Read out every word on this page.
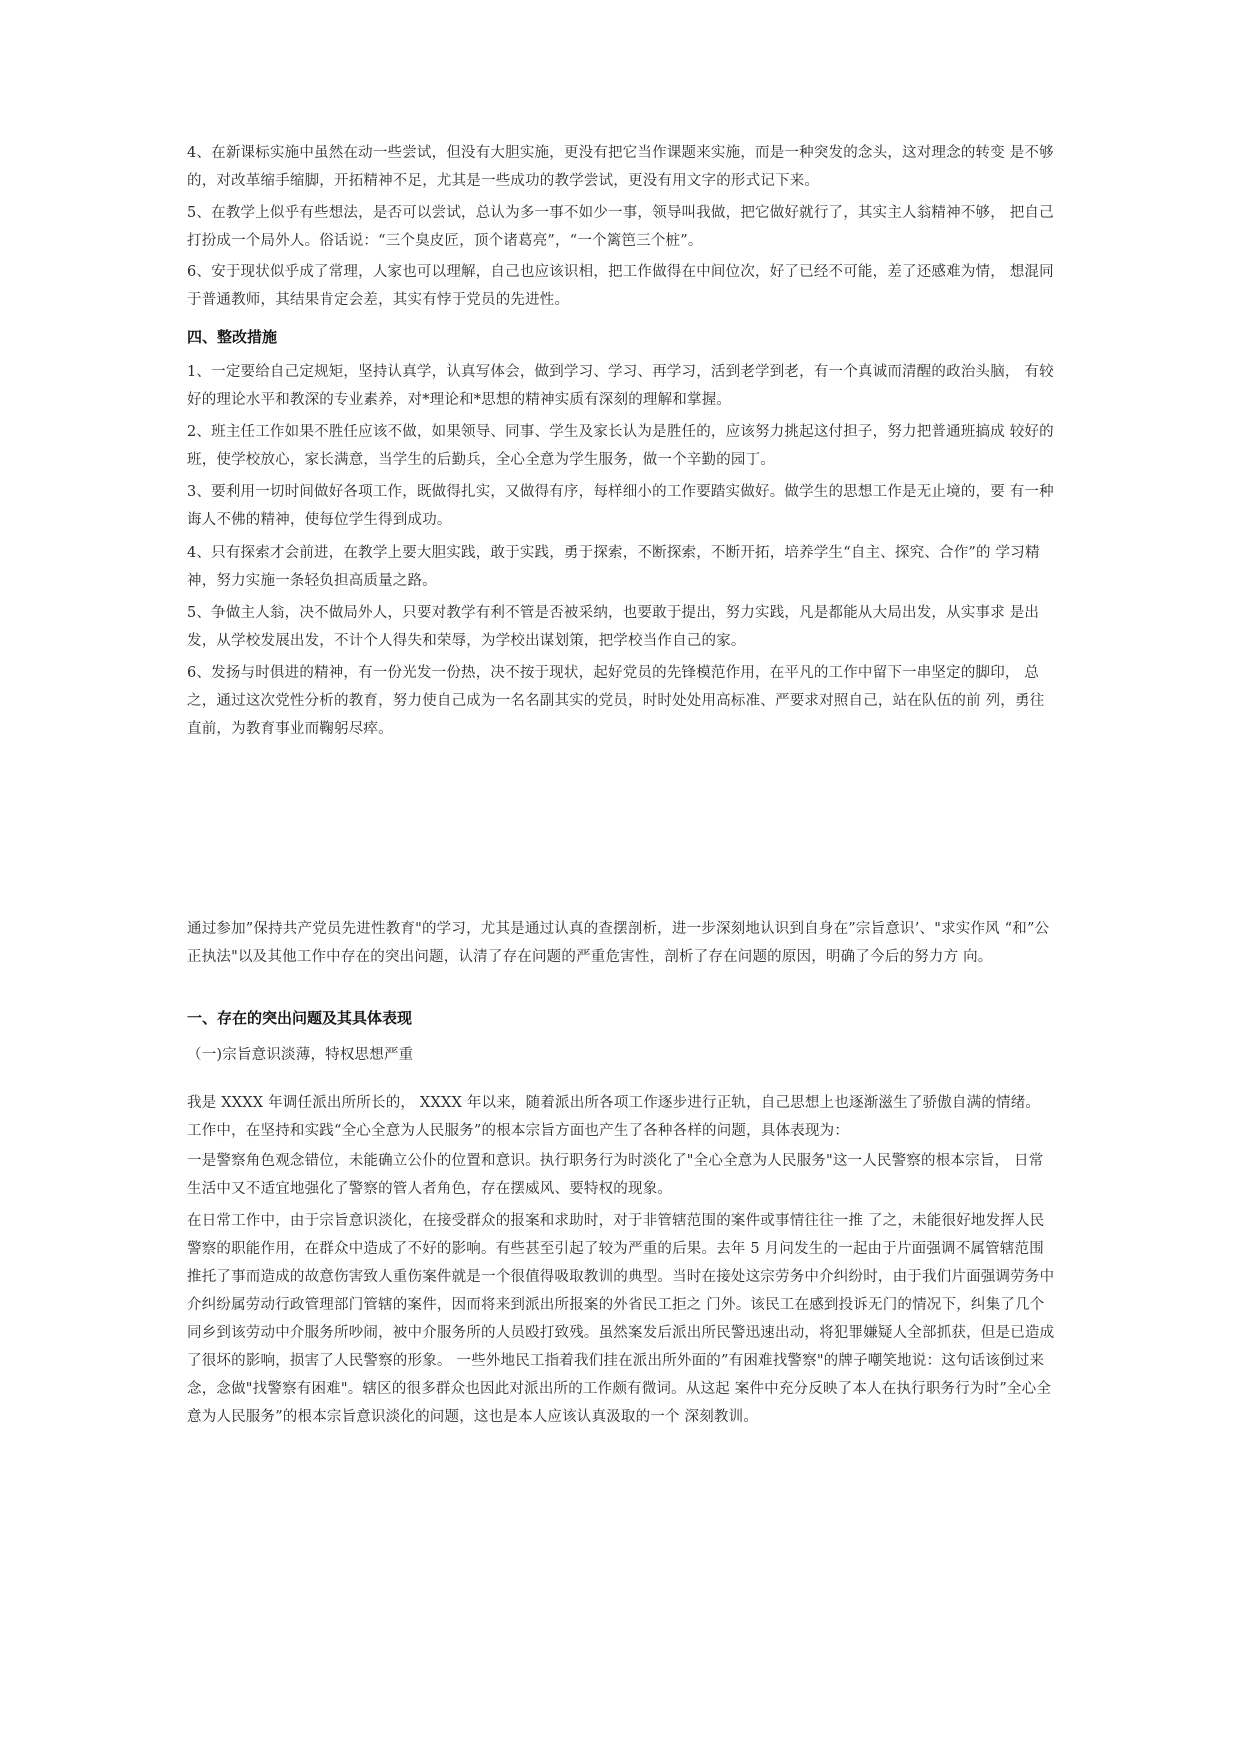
4、在新课标实施中虽然在动一些尝试，但没有大胆实施，更没有把它当作课题来实施，而是一种突发的念头，这对理念的转变 是不够的，对改革缩手缩脚，开拓精神不足，尤其是一些成功的教学尝试，更没有用文字的形式记下来。

5、在教学上似乎有些想法，是否可以尝试，总认为多一事不如少一事，领导叫我做，把它做好就行了，其实主人翁精神不够， 把自己打扮成一个局外人。俗话说：“三个臭皮匠，顶个诸葛亮”，“一个篱笆三个桩”。

6、安于现状似乎成了常理，人家也可以理解，自己也应该识相，把工作做得在中间位次，好了已经不可能，差了还感难为情， 想混同于普通教师，其结果肯定会差，其实有悖于党员的先进性。

四、整改措施

1、一定要给自己定规矩，坚持认真学，认真写体会，做到学习、学习、再学习，活到老学到老，有一个真诚而清醒的政治头脑， 有较好的理论水平和教深的专业素养，对*理论和*思想的精神实质有深刻的理解和掌握。

2、班主任工作如果不胜任应该不做，如果领导、同事、学生及家长认为是胜任的，应该努力挑起这付担子，努力把普通班搞成 较好的班，使学校放心，家长满意，当学生的后勤兵，全心全意为学生服务，做一个辛勤的园丁。

3、要利用一切时间做好各项工作，既做得扎实，又做得有序，每样细小的工作要踏实做好。做学生的思想工作是无止境的，要 有一种诲人不佛的精神，使每位学生得到成功。

4、只有探索才会前进，在教学上要大胆实践，敢于实践，勇于探索，不断探索，不断开拓，培养学生“自主、探究、合作”的 学习精神，努力实施一条轻负担高质量之路。

5、争做主人翁，决不做局外人，只要对教学有利不管是否被采纳，也要敢于提出，努力实践，凡是都能从大局出发，从实事求 是出发，从学校发展出发，不计个人得失和荣辱，为学校出谋划策，把学校当作自己的家。

6、发扬与时俱进的精神，有一份光发一份热，决不按于现状，起好党员的先锋模范作用，在平凡的工作中留下一串坚定的脚印， 总之，通过这次党性分析的教育，努力使自己成为一名名副其实的党员，时时处处用高标准、严要求对照自己，站在队伍的前 列，勇往直前，为教育事业而鞠躬尽瘁。

通过参加”保持共产党员先进性教育"的学习，尤其是通过认真的查摆剖析，进一步深刻地认识到自身在”宗旨意识’、"求实作风 “和”公正执法"以及其他工作中存在的突出问题，认清了存在问题的严重危害性，剖析了存在问题的原因，明确了今后的努力方 向。

一、存在的突出问题及其具体表现

（一)宗旨意识淡薄，特权思想严重

我是 XXXX 年调任派出所所长的， XXXX 年以来，随着派出所各项工作逐步进行正轨，自己思想上也逐渐滋生了骄傲自满的情绪。 工作中，在坚持和实践“全心全意为人民服务”的根本宗旨方面也产生了各种各样的问题，具体表现为：

一是警察角色观念错位，未能确立公仆的位置和意识。执行职务行为时淡化了"全心全意为人民服务"这一人民警察的根本宗旨， 日常生活中又不适宜地强化了警察的管人者角色，存在摆威风、要特权的现象。

在日常工作中，由于宗旨意识淡化，在接受群众的报案和求助时，对于非管辖范围的案件或事情往往一推 了之，未能很好地发挥人民警察的职能作用，在群众中造成了不好的影响。有些甚至引起了较为严重的后果。去年 5 月问发生的一起由于片面强调不属管辖范围推托了事而造成的故意伤害致人重伤案件就是一个很值得吸取教训的典型。当时在接处这宗劳务中介纠纷时，由于我们片面强调劳务中介纠纷属劳动行政管理部门管辖的案件，因而将来到派出所报案的外省民工拒之 门外。该民工在感到投诉无门的情况下，纠集了几个同乡到该劳动中介服务所吵闹，被中介服务所的人员殴打致残。虽然案发后派出所民警迅速出动，将犯罪嫌疑人全部抓获，但是已造成了很坏的影响，损害了人民警察的形象。 一些外地民工指着我们挂在派出所外面的”有困难找警察"的牌子嘲笑地说：这句话该倒过来念，念做"找警察有困难"。辖区的很多群众也因此对派出所的工作颇有微词。从这起 案件中充分反映了本人在执行职务行为时”全心全意为人民服务”的根本宗旨意识淡化的问题，这也是本人应该认真汲取的一个 深刻教训。
